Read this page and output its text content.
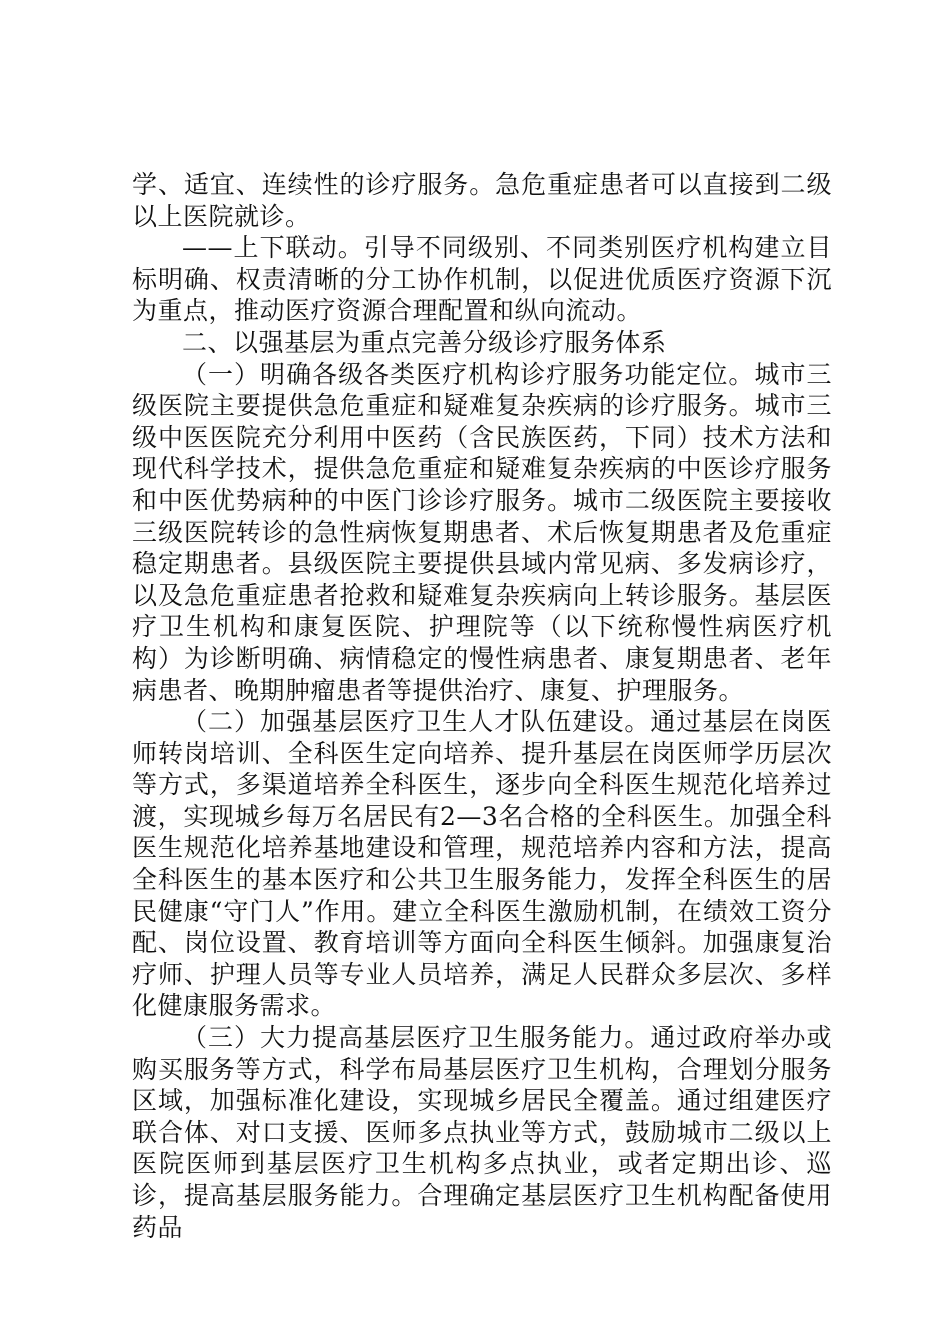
学、适宜、连续性的诊疗服务。急危重症患者可以直接到二级以上医院就诊。

——上下联动。引导不同级别、不同类别医疗机构建立目标明确、权责清晰的分工协作机制，以促进优质医疗资源下沉为重点，推动医疗资源合理配置和纵向流动。

二、以强基层为重点完善分级诊疗服务体系

（一）明确各级各类医疗机构诊疗服务功能定位。城市三级医院主要提供急危重症和疑难复杂疾病的诊疗服务。城市三级中医医院充分利用中医药（含民族医药，下同）技术方法和现代科学技术，提供急危重症和疑难复杂疾病的中医诊疗服务和中医优势病种的中医门诊诊疗服务。城市二级医院主要接收三级医院转诊的急性病恢复期患者、术后恢复期患者及危重症稳定期患者。县级医院主要提供县域内常见病、多发病诊疗，以及急危重症患者抢救和疑难复杂疾病向上转诊服务。基层医疗卫生机构和康复医院、护理院等（以下统称慢性病医疗机构）为诊断明确、病情稳定的慢性病患者、康复期患者、老年病患者、晚期肿瘤患者等提供治疗、康复、护理服务。

（二）加强基层医疗卫生人才队伍建设。通过基层在岗医师转岗培训、全科医生定向培养、提升基层在岗医师学历层次等方式，多渠道培养全科医生，逐步向全科医生规范化培养过渡，实现城乡每万名居民有2—3名合格的全科医生。加强全科医生规范化培养基地建设和管理，规范培养内容和方法，提高全科医生的基本医疗和公共卫生服务能力，发挥全科医生的居民健康“守门人”作用。建立全科医生激励机制，在绩效工资分配、岗位设置、教育培训等方面向全科医生倾斜。加强康复治疗师、护理人员等专业人员培养，满足人民群众多层次、多样化健康服务需求。

（三）大力提高基层医疗卫生服务能力。通过政府举办或购买服务等方式，科学布局基层医疗卫生机构，合理划分服务区域，加强标准化建设，实现城乡居民全覆盖。通过组建医疗联合体、对口支援、医师多点执业等方式，鼓励城市二级以上医院医师到基层医疗卫生机构多点执业，或者定期出诊、巡诊，提高基层服务能力。合理确定基层医疗卫生机构配备使用药品
